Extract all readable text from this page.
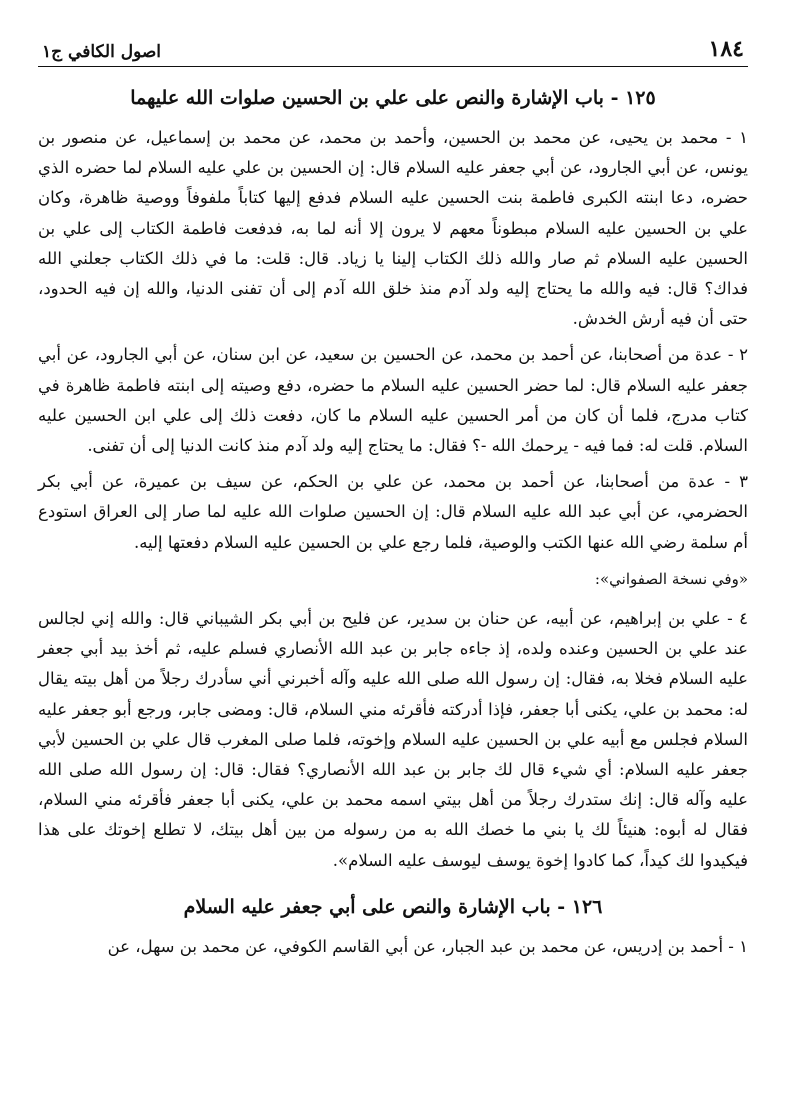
١٨٤
اصول الكافي ج١
١٢٥ - باب الإشارة والنص على علي بن الحسين صلوات الله عليهما

١ - محمد بن يحيى، عن محمد بن الحسين، وأحمد بن محمد، عن محمد بن إسماعيل، عن منصور بن يونس، عن أبي الجارود، عن أبي جعفر عليه السلام قال: إن الحسين بن علي عليه السلام لما حضره الذي حضره، دعا ابنته الكبرى فاطمة بنت الحسين عليه السلام فدفع إليها كتاباً ملفوفاً ووصية ظاهرة، وكان علي بن الحسين عليه السلام مبطوناً معهم لا يرون إلا أنه لما به، فدفعت فاطمة الكتاب إلى علي بن الحسين عليه السلام ثم صار والله ذلك الكتاب إلينا يا زياد. قال: قلت: ما في ذلك الكتاب جعلني الله فداك؟ قال: فيه والله ما يحتاج إليه ولد آدم منذ خلق الله آدم إلى أن تفنى الدنيا، والله إن فيه الحدود، حتى أن فيه أرش الخدش.

٢ - عدة من أصحابنا، عن أحمد بن محمد، عن الحسين بن سعيد، عن ابن سنان، عن أبي الجارود، عن أبي جعفر عليه السلام قال: لما حضر الحسين عليه السلام ما حضره، دفع وصيته إلى ابنته فاطمة ظاهرة في كتاب مدرج، فلما أن كان من أمر الحسين عليه السلام ما كان، دفعت ذلك إلى علي ابن الحسين عليه السلام. قلت له: فما فيه - يرحمك الله -؟ فقال: ما يحتاج إليه ولد آدم منذ كانت الدنيا إلى أن تفنى.

٣ - عدة من أصحابنا، عن أحمد بن محمد، عن علي بن الحكم، عن سيف بن عميرة، عن أبي بكر الحضرمي، عن أبي عبد الله عليه السلام قال: إن الحسين صلوات الله عليه لما صار إلى العراق استودع أم سلمة رضي الله عنها الكتب والوصية، فلما رجع علي بن الحسين عليه السلام دفعتها إليه.

«وفي نسخة الصفواني»:

٤ - علي بن إبراهيم، عن أبيه، عن حنان بن سدير، عن فليح بن أبي بكر الشيباني قال: والله إني لجالس عند علي بن الحسين وعنده ولده، إذ جاءه جابر بن عبد الله الأنصاري فسلم عليه، ثم أخذ بيد أبي جعفر عليه السلام فخلا به، فقال: إن رسول الله صلى الله عليه وآله أخبرني أني سأدرك رجلاً من أهل بيته يقال له: محمد بن علي، يكنى أبا جعفر، فإذا أدركته فأقرئه مني السلام، قال: ومضى جابر، ورجع أبو جعفر عليه السلام فجلس مع أبيه علي بن الحسين عليه السلام وإخوته، فلما صلى المغرب قال علي بن الحسين لأبي جعفر عليه السلام: أي شيء قال لك جابر بن عبد الله الأنصاري؟ فقال: قال: إن رسول الله صلى الله عليه وآله قال: إنك ستدرك رجلاً من أهل بيتي اسمه محمد بن علي، يكنى أبا جعفر فأقرئه مني السلام، فقال له أبوه: هنيئاً لك يا بني ما خصك الله به من رسوله من بين أهل بيتك، لا تطلع إخوتك على هذا فيكيدوا لك كيداً، كما كادوا إخوة يوسف ليوسف عليه السلام».

١٢٦ - باب الإشارة والنص على أبي جعفر عليه السلام

١ - أحمد بن إدريس، عن محمد بن عبد الجبار، عن أبي القاسم الكوفي، عن محمد بن سهل، عن
